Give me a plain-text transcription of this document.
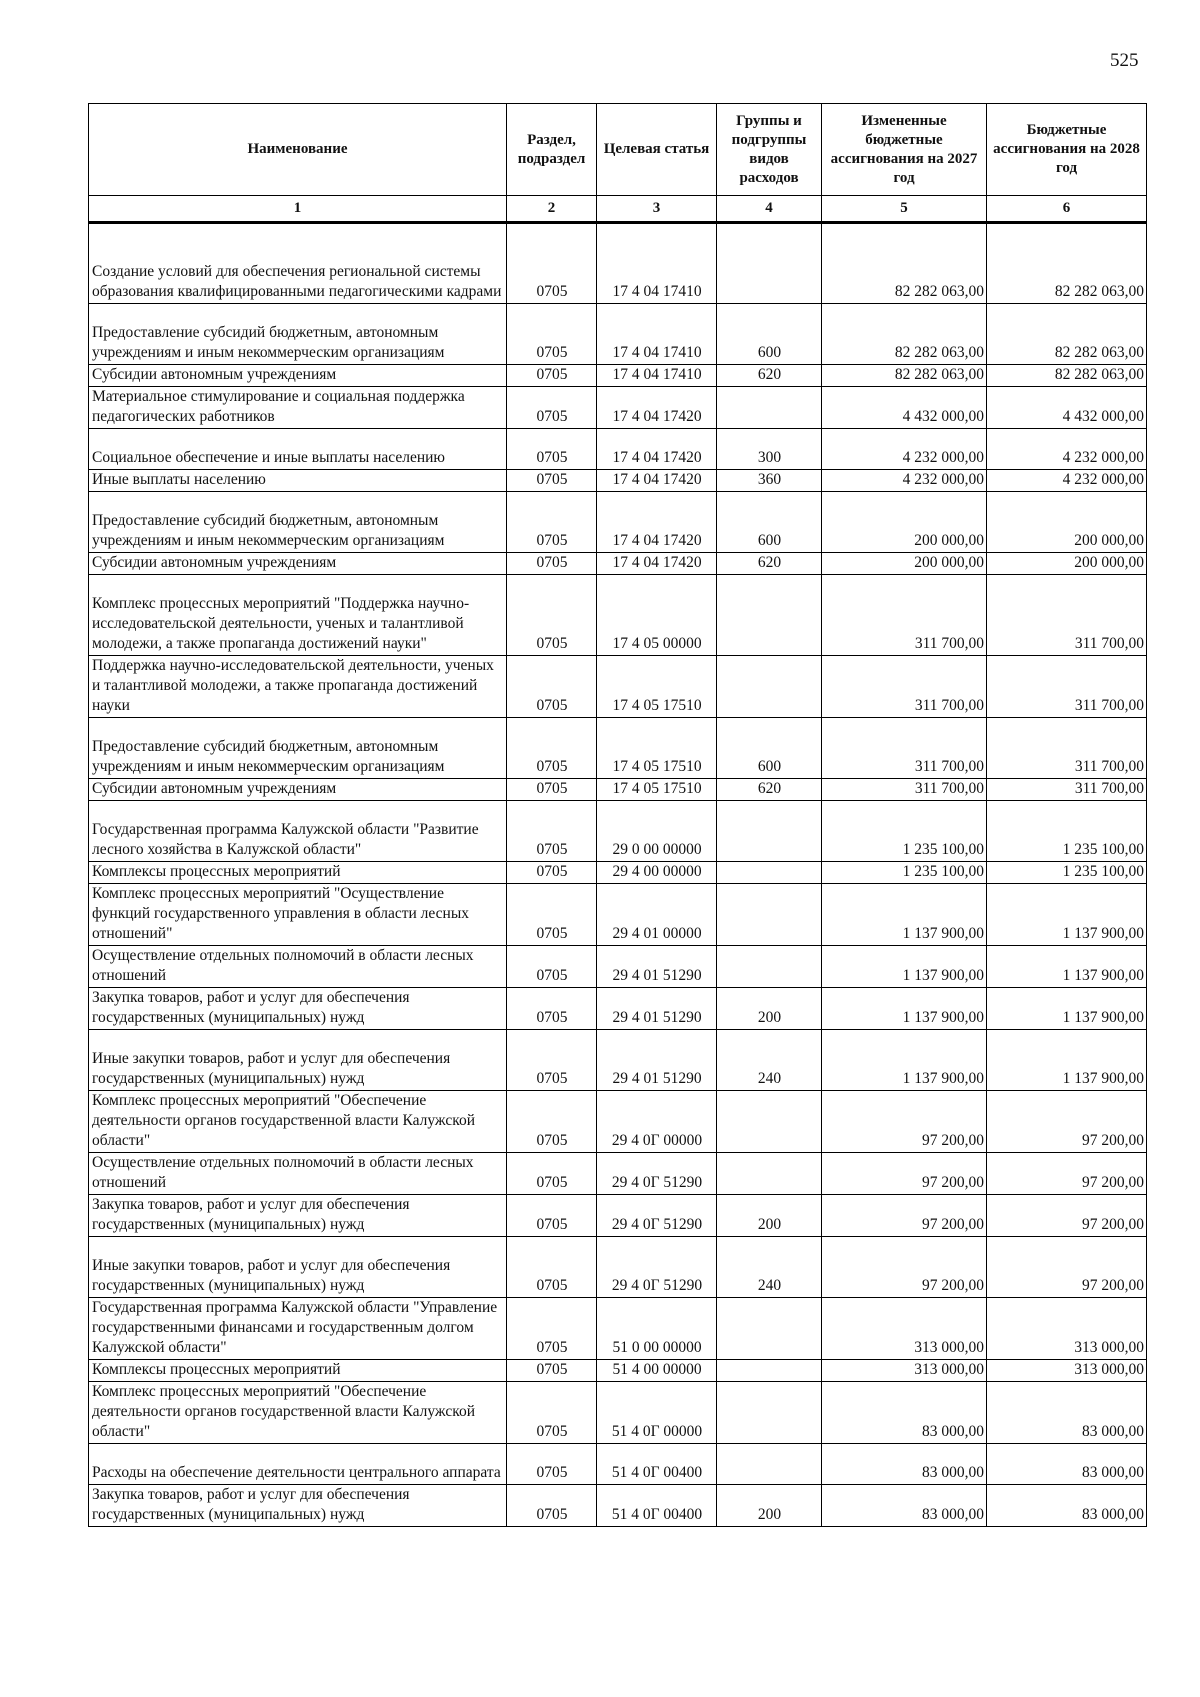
525
Наименование	Раздел, подраздел	Целевая статья	Группы и подгруппы видов расходов	Измененные бюджетные ассигнования на 2027 год	Бюджетные ассигнования на 2028 год
1	2	3	4	5	6
Создание условий для обеспечения региональной системы образования квалифицированными педагогическими кадрами	0705	17 4 04 17410		82 282 063,00	82 282 063,00
Предоставление субсидий бюджетным, автономным учреждениям и иным некоммерческим организациям	0705	17 4 04 17410	600	82 282 063,00	82 282 063,00
Субсидии автономным учреждениям	0705	17 4 04 17410	620	82 282 063,00	82 282 063,00
Материальное стимулирование и социальная поддержка педагогических работников	0705	17 4 04 17420		4 432 000,00	4 432 000,00
Социальное обеспечение и иные выплаты населению	0705	17 4 04 17420	300	4 232 000,00	4 232 000,00
Иные выплаты населению	0705	17 4 04 17420	360	4 232 000,00	4 232 000,00
Предоставление субсидий бюджетным, автономным учреждениям и иным некоммерческим организациям	0705	17 4 04 17420	600	200 000,00	200 000,00
Субсидии автономным учреждениям	0705	17 4 04 17420	620	200 000,00	200 000,00
Комплекс процессных мероприятий "Поддержка научно-исследовательской деятельности, ученых и талантливой молодежи, а также пропаганда достижений науки"	0705	17 4 05 00000		311 700,00	311 700,00
Поддержка научно-исследовательской деятельности, ученых и талантливой молодежи, а также пропаганда достижений науки	0705	17 4 05 17510		311 700,00	311 700,00
Предоставление субсидий бюджетным, автономным учреждениям и иным некоммерческим организациям	0705	17 4 05 17510	600	311 700,00	311 700,00
Субсидии автономным учреждениям	0705	17 4 05 17510	620	311 700,00	311 700,00
Государственная программа Калужской области "Развитие лесного хозяйства в Калужской области"	0705	29 0 00 00000		1 235 100,00	1 235 100,00
Комплексы процессных мероприятий	0705	29 4 00 00000		1 235 100,00	1 235 100,00
Комплекс процессных мероприятий "Осуществление функций государственного управления в области лесных отношений"	0705	29 4 01 00000		1 137 900,00	1 137 900,00
Осуществление отдельных полномочий в области лесных отношений	0705	29 4 01 51290		1 137 900,00	1 137 900,00
Закупка товаров, работ и услуг для обеспечения государственных (муниципальных) нужд	0705	29 4 01 51290	200	1 137 900,00	1 137 900,00
Иные закупки товаров, работ и услуг для обеспечения государственных (муниципальных) нужд	0705	29 4 01 51290	240	1 137 900,00	1 137 900,00
Комплекс процессных мероприятий "Обеспечение деятельности органов государственной власти Калужской области"	0705	29 4 0Г 00000		97 200,00	97 200,00
Осуществление отдельных полномочий в области лесных отношений	0705	29 4 0Г 51290		97 200,00	97 200,00
Закупка товаров, работ и услуг для обеспечения государственных (муниципальных) нужд	0705	29 4 0Г 51290	200	97 200,00	97 200,00
Иные закупки товаров, работ и услуг для обеспечения государственных (муниципальных) нужд	0705	29 4 0Г 51290	240	97 200,00	97 200,00
Государственная программа Калужской области "Управление государственными финансами и государственным долгом Калужской области"	0705	51 0 00 00000		313 000,00	313 000,00
Комплексы процессных мероприятий	0705	51 4 00 00000		313 000,00	313 000,00
Комплекс процессных мероприятий "Обеспечение деятельности органов государственной власти Калужской области"	0705	51 4 0Г 00000		83 000,00	83 000,00
Расходы на обеспечение деятельности центрального аппарата	0705	51 4 0Г 00400		83 000,00	83 000,00
Закупка товаров, работ и услуг для обеспечения государственных (муниципальных) нужд	0705	51 4 0Г 00400	200	83 000,00	83 000,00
